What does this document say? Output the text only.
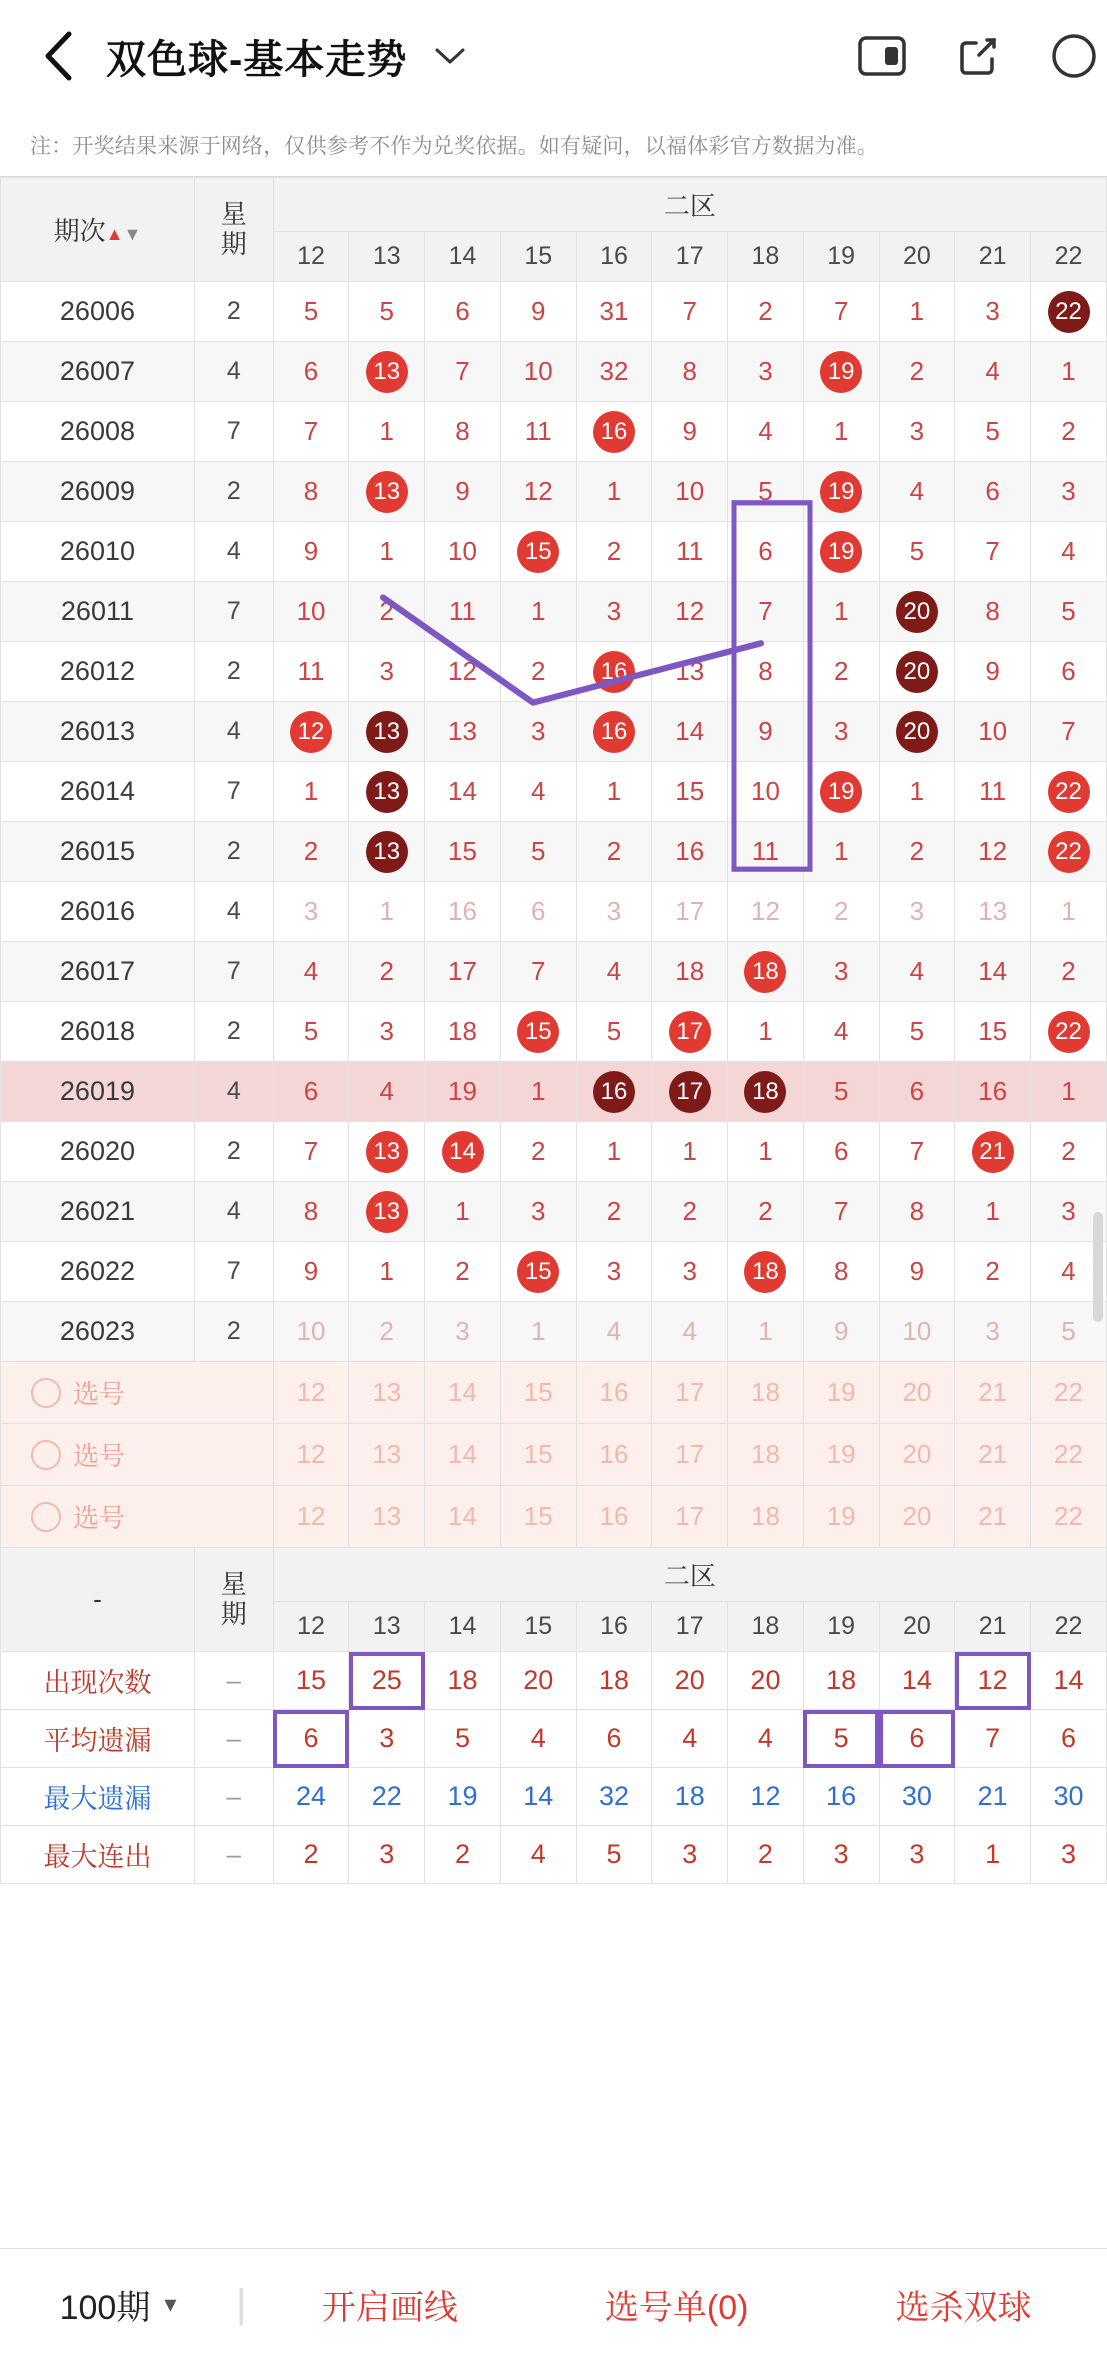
双色球-基本走势
注：开奖结果来源于网络，仅供参考不作为兑奖依据。如有疑问，以福体彩官方数据为准。
期次▲▼	星
期	二区										
		12	13	14	15	16	17	18	19	20	21	22
26006	2	5	5	6	9	31	7	2	7	1	3	22
26007	4	6	13	7	10	32	8	3	19	2	4	1
26008	7	7	1	8	11	16	9	4	1	3	5	2
26009	2	8	13	9	12	1	10	5	19	4	6	3
26010	4	9	1	10	15	2	11	6	19	5	7	4
26011	7	10	2	11	1	3	12	7	1	20	8	5
26012	2	11	3	12	2	16	13	8	2	20	9	6
26013	4	12	13	13	3	16	14	9	3	20	10	7
26014	7	1	13	14	4	1	15	10	19	1	11	22
26015	2	2	13	15	5	2	16	11	1	2	12	22
26016	4	3	1	16	6	3	17	12	2	3	13	1
26017	7	4	2	17	7	4	18	18	3	4	14	2
26018	2	5	3	18	15	5	17	1	4	5	15	22
26019	4	6	4	19	1	16	17	18	5	6	16	1
26020	2	7	13	14	2	1	1	1	6	7	21	2
26021	4	8	13	1	3	2	2	2	7	8	1	3
26022	7	9	1	2	15	3	3	18	8	9	2	4
26023	2	10	2	3	1	4	4	1	9	10	3	5
选号		12	13	14	15	16	17	18	19	20	21	22
选号		12	13	14	15	16	17	18	19	20	21	22
选号		12	13	14	15	16	17	18	19	20	21	22
-	星
期	二区										
		12	13	14	15	16	17	18	19	20	21	22
出现次数	–	15	25	18	20	18	20	20	18	14	12	14
平均遗漏	–	6	3	5	4	6	4	4	5	6	7	6
最大遗漏	–	24	22	19	14	32	18	12	16	30	21	30
最大连出	–	2	3	2	4	5	3	2	3	3	1	3
100期 ▾ |	开启画线	选号单(0)	选杀双球
